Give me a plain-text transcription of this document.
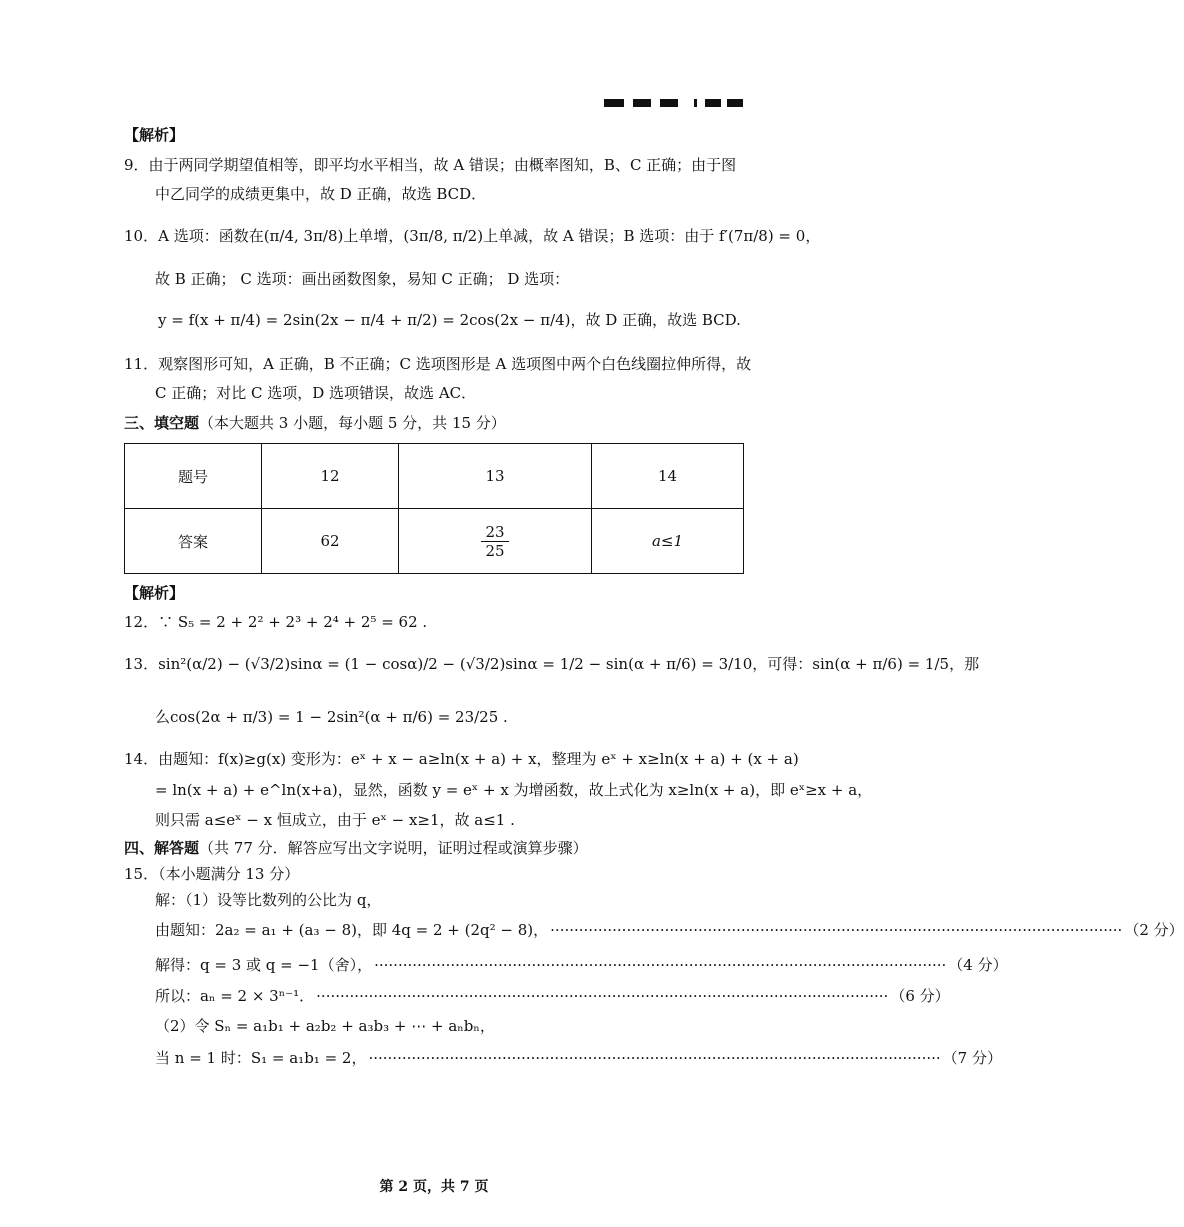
【解析】
9．由于两同学期望值相等，即平均水平相当，故 A 错误；由概率图知，B、C 正确；由于图
中乙同学的成绩更集中，故 D 正确，故选 BCD．
10．A 选项：函数在(π/4, 3π/8)上单增，(3π/8, π/2)上单减，故 A 错误；B 选项：由于 f′(7π/8) = 0，
故 B 正确； C 选项：画出函数图象，易知 C 正确； D 选项：
y = f(x + π/4) = 2sin(2x − π/4 + π/2) = 2cos(2x − π/4)，故 D 正确，故选 BCD.
11．观察图形可知，A 正确，B 不正确；C 选项图形是 A 选项图中两个白色线圈拉伸所得，故
C 正确；对比 C 选项，D 选项错误，故选 AC．
三、填空题（本大题共 3 小题，每小题 5 分，共 15 分）
题号	12	13	14
答案	62	$\frac{23}{25}$	a≤1
【解析】
12．∵ S₅ = 2 + 2² + 2³ + 2⁴ + 2⁵ = 62 .
13．sin²(α/2) − (√3/2)sinα = (1 − cosα)/2 − (√3/2)sinα = 1/2 − sin(α + π/6) = 3/10，可得：sin(α + π/6) = 1/5，那
么cos(2α + π/3) = 1 − 2sin²(α + π/6) = 23/25 .
14．由题知：f(x)≥g(x) 变形为：eˣ + x − a≥ln(x + a) + x，整理为 eˣ + x≥ln(x + a) + (x + a)
= ln(x + a) + e^ln(x+a)，显然，函数 y = eˣ + x 为增函数，故上式化为 x≥ln(x + a)，即 eˣ≥x + a，
则只需 a≤eˣ − x 恒成立，由于 eˣ − x≥1，故 a≤1 .
四、解答题（共 77 分．解答应写出文字说明，证明过程或演算步骤）
15．（本小题满分 13 分）
解：（1）设等比数列的公比为 q，
由题知：2a₂ = a₁ + (a₃ − 8)，即 4q = 2 + (2q² − 8)， ························································································································ （2 分）
解得：q = 3 或 q = −1（舍）， ························································································································ （4 分）
所以：aₙ = 2 × 3ⁿ⁻¹． ························································································································ （6 分）
（2）令 Sₙ = a₁b₁ + a₂b₂ + a₃b₃ + ⋯ + aₙbₙ，
当 n = 1 时：S₁ = a₁b₁ = 2， ························································································································ （7 分）
第 2 页，共 7 页
